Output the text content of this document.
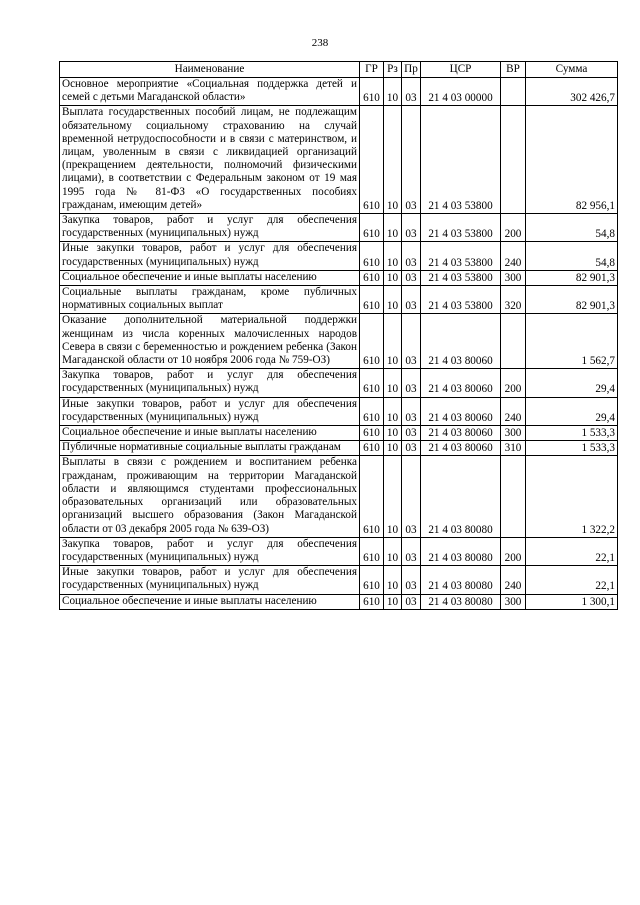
238
Наименование	ГР	Рз	Пр	ЦСР	ВР	Сумма
Основное мероприятие «Социальная поддержка детей и семей с детьми Магаданской области»	610	10	03	21 4 03 00000		302 426,7
Выплата государственных пособий лицам, не подлежащим обязательному социальному страхованию на случай временной нетрудоспособности и в связи с материнством, и лицам, уволенным в связи с ликвидацией организаций (прекращением деятельности, полномочий физическими лицами), в соответствии с Федеральным законом от 19 мая 1995 года № 81-ФЗ «О государственных пособиях гражданам, имеющим детей»	610	10	03	21 4 03 53800		82 956,1
Закупка товаров, работ и услуг для обеспечения государственных (муниципальных) нужд	610	10	03	21 4 03 53800	200	54,8
Иные закупки товаров, работ и услуг для обеспечения государственных (муниципальных) нужд	610	10	03	21 4 03 53800	240	54,8
Социальное обеспечение и иные выплаты населению	610	10	03	21 4 03 53800	300	82 901,3
Социальные выплаты гражданам, кроме публичных нормативных социальных выплат	610	10	03	21 4 03 53800	320	82 901,3
Оказание дополнительной материальной поддержки женщинам из числа коренных малочисленных народов Севера в связи с беременностью и рождением ребенка (Закон Магаданской области от 10 ноября 2006 года № 759-ОЗ)	610	10	03	21 4 03 80060		1 562,7
Закупка товаров, работ и услуг для обеспечения государственных (муниципальных) нужд	610	10	03	21 4 03 80060	200	29,4
Иные закупки товаров, работ и услуг для обеспечения государственных (муниципальных) нужд	610	10	03	21 4 03 80060	240	29,4
Социальное обеспечение и иные выплаты населению	610	10	03	21 4 03 80060	300	1 533,3
Публичные нормативные социальные выплаты гражданам	610	10	03	21 4 03 80060	310	1 533,3
Выплаты в связи с рождением и воспитанием ребенка гражданам, проживающим на территории Магаданской области и являющимся студентами профессиональных образовательных организаций или образовательных организаций высшего образования (Закон Магаданской области от 03 декабря 2005 года № 639-ОЗ)	610	10	03	21 4 03 80080		1 322,2
Закупка товаров, работ и услуг для обеспечения государственных (муниципальных) нужд	610	10	03	21 4 03 80080	200	22,1
Иные закупки товаров, работ и услуг для обеспечения государственных (муниципальных) нужд	610	10	03	21 4 03 80080	240	22,1
Социальное обеспечение и иные выплаты населению	610	10	03	21 4 03 80080	300	1 300,1
